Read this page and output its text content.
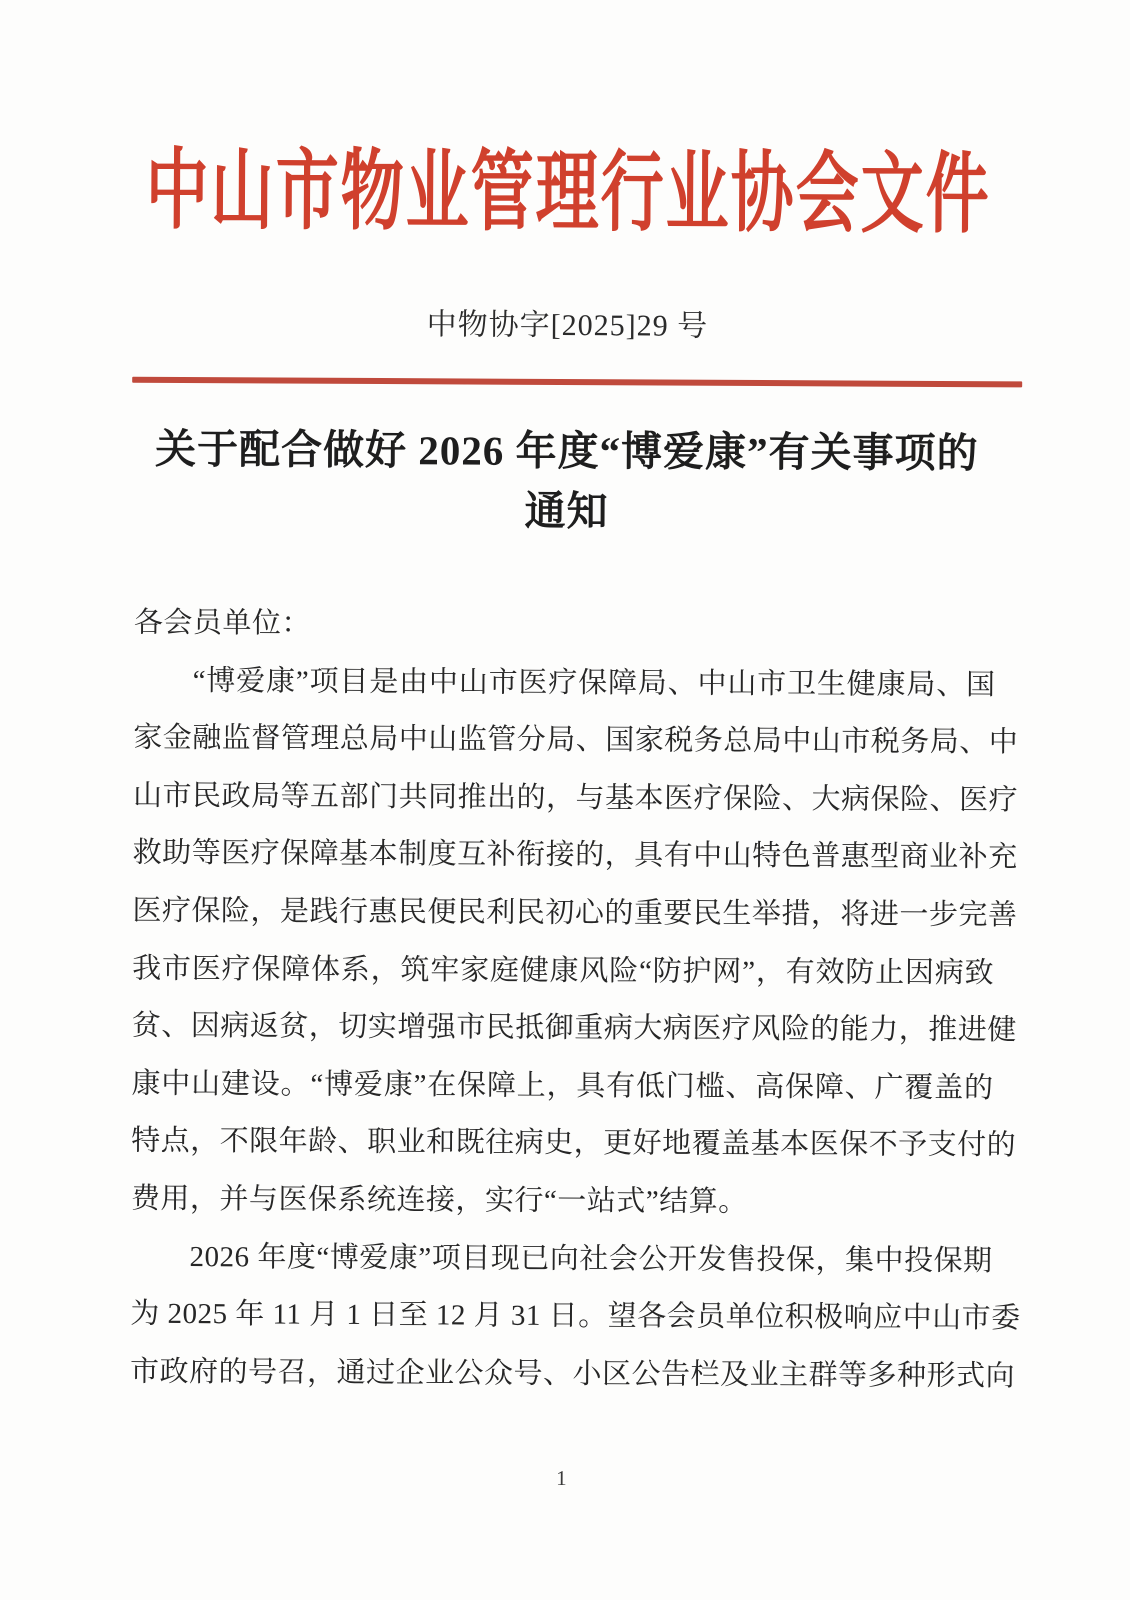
中山市物业管理行业协会文件
中物协字[2025]29 号
关于配合做好 2026 年度“博爱康”有关事项的
通知
各会员单位：
“博爱康”项目是由中山市医疗保障局、中山市卫生健康局、国
家金融监督管理总局中山监管分局、国家税务总局中山市税务局、中
山市民政局等五部门共同推出的，与基本医疗保险、大病保险、医疗
救助等医疗保障基本制度互补衔接的，具有中山特色普惠型商业补充
医疗保险，是践行惠民便民利民初心的重要民生举措，将进一步完善
我市医疗保障体系，筑牢家庭健康风险“防护网”，有效防止因病致
贫、因病返贫，切实增强市民抵御重病大病医疗风险的能力，推进健
康中山建设。“博爱康”在保障上，具有低门槛、高保障、广覆盖的
特点，不限年龄、职业和既往病史，更好地覆盖基本医保不予支付的
费用，并与医保系统连接，实行“一站式”结算。
2026 年度“博爱康”项目现已向社会公开发售投保，集中投保期
为 2025 年 11 月 1 日至 12 月 31 日。望各会员单位积极响应中山市委
市政府的号召，通过企业公众号、小区公告栏及业主群等多种形式向
1
